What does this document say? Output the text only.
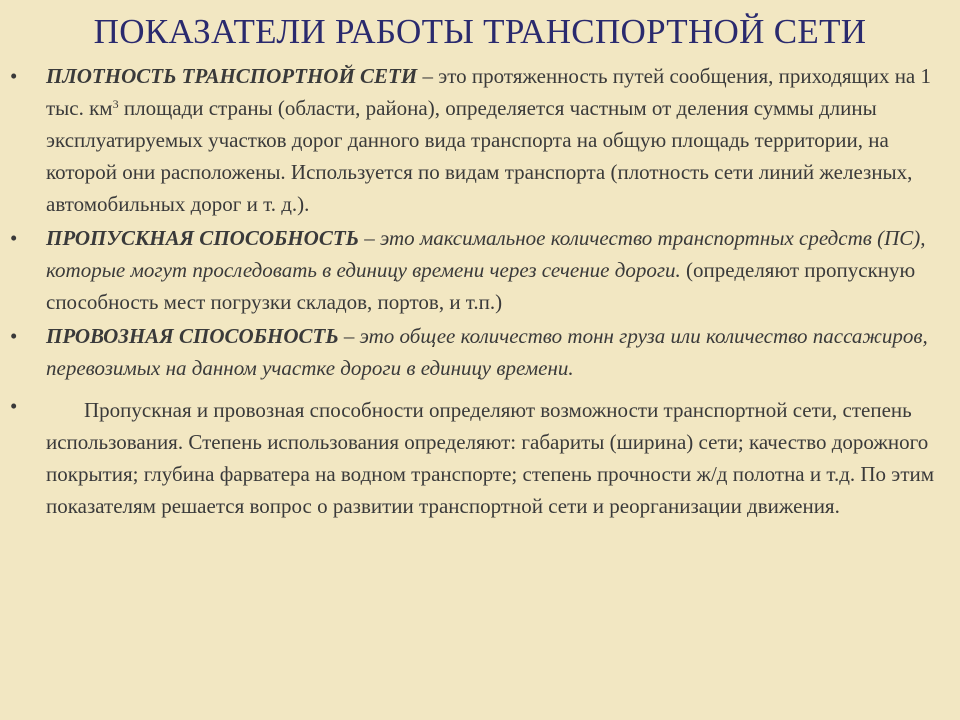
ПОКАЗАТЕЛИ РАБОТЫ ТРАНСПОРТНОЙ СЕТИ
• ПЛОТНОСТЬ ТРАНСПОРТНОЙ СЕТИ – это протяженность путей сообщения, приходящих на 1 тыс. $км^3$ площади страны (области, района), определяется частным от деления суммы длины эксплуатируемых участков дорог данного вида транспорта на общую площадь территории, на которой они расположены. Используется по видам транспорта (плотность сети линий железных, автомобильных дорог и т. д.).
• ПРОПУСКНАЯ СПОСОБНОСТЬ – это максимальное количество транспортных средств (ПС), которые могут проследовать в единицу времени через сечение дороги. (определяют пропускную способность мест погрузки складов, портов, и т.п.)
• ПРОВОЗНАЯ СПОСОБНОСТЬ – это общее количество тонн груза или количество пассажиров, перевозимых на данном участке дороги в единицу времени.
•	Пропускная и провозная способности определяют возможности транспортной сети, степень использования. Степень использования определяют: габариты (ширина) сети; качество дорожного покрытия; глубина фарватера на водном транспорте; степень прочности ж/д полотна и т.д. По этим показателям решается вопрос о развитии транспортной сети и реорганизации движения.
